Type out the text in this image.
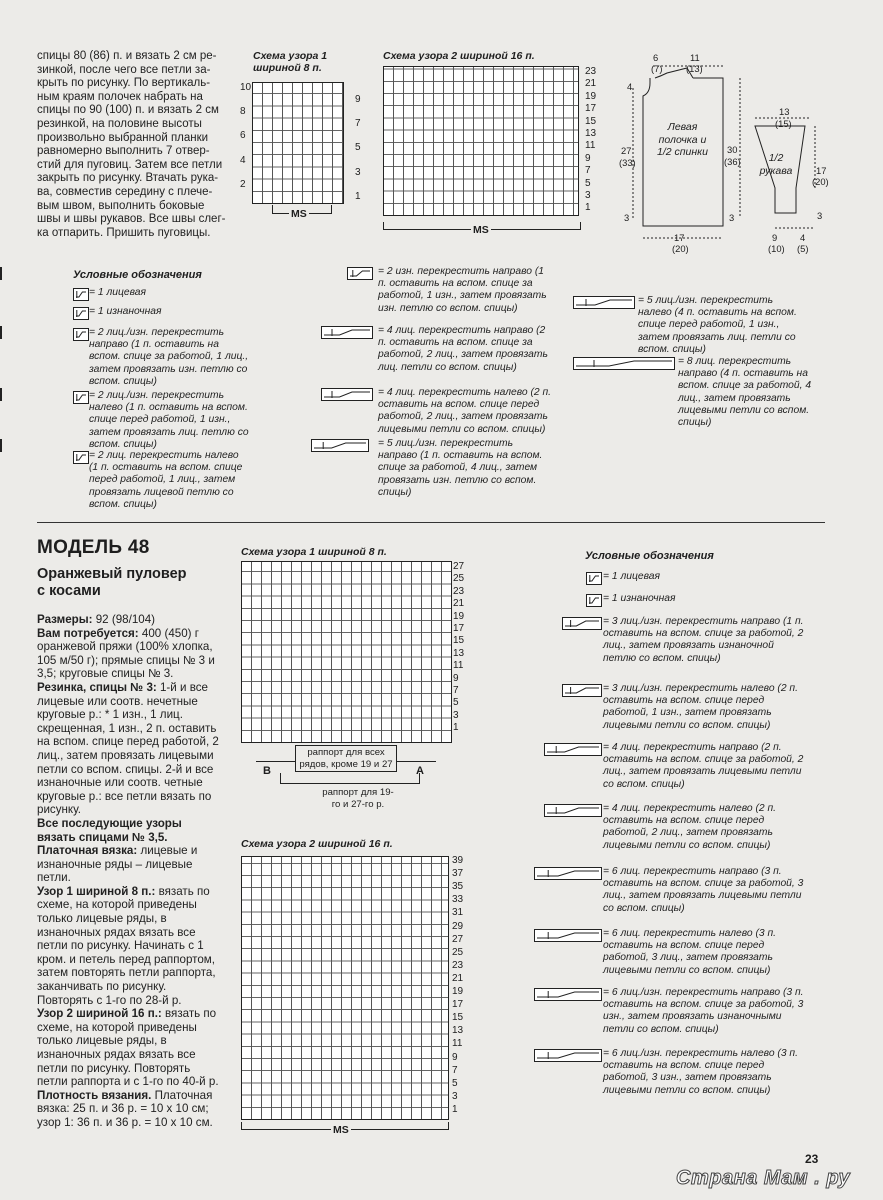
спицы 80 (86) п. и вязать 2 см ре-
зинкой, после чего все петли за-
крыть по рисунку. По вертикаль-
ным краям полочек набрать на
спицы по 90 (100) п. и вязать 2 см
резинкой, на половине высоты
произвольно выбранной планки
равномерно выполнить 7 отвер-
стий для пуговиц. Затем все петли
закрыть по рисунку. Втачать рука-
ва, совместив середину с плече-
вым швом, выполнить боковые
швы и швы рукавов. Все швы слег-
ка отпарить. Пришить пуговицы.
Схема узора 1
шириной 8 п.
MS
Схема узора 2 шириной 16 п.
MS
Левая полочка и 1/2 спинки	1/2 рукава
Условные обозначения
МОДЕЛЬ 48
Оранжевый пуловер
с косами
Размеры: 92 (98/104)
Вам потребуется: 400 (450) г оранжевой пряжи (100% хлопка, 105 м/50 г); прямые спицы № 3 и 3,5; круговые спицы № 3.
Резинка, спицы № 3: 1-й и все лицевые или соотв. нечетные круговые р.: * 1 изн., 1 лиц. скрещенная, 1 изн., 2 п. оставить на вспом. спице перед работой, 2 лиц., затем провязать лицевыми петли со вспом. спицы. 2-й и все изнаночные или соотв. четные круговые р.: все петли вязать по рисунку.
Все последующие узоры вязать спицами № 3,5.
Платочная вязка: лицевые и изнаночные ряды – лицевые петли.
Узор 1 шириной 8 п.: вязать по схеме, на которой приведены только лицевые ряды, в изнаночных рядах вязать все петли по рисунку. Начинать с 1 кром. и петель перед раппортом, затем повторять петли раппорта, заканчивать по рисунку. Повторять с 1-го по 28-й р.
Узор 2 шириной 16 п.: вязать по схеме, на которой приведены только лицевые ряды, в изнаночных рядах вязать все петли по рисунку. Повторять петли раппорта и с 1-го по 40-й р.
Плотность вязания. Платочная вязка: 25 п. и 36 р. = 10 х 10 см; узор 1: 36 п. и 36 р. = 10 х 10 см.
Схема узора 1 шириной 8 п.
раппорт для всех рядов, кроме 19 и 27
B	A
раппорт для 19-го и 27-го р.
Схема узора 2 шириной 16 п.
MS
Условные обозначения
23
Страна Мам . ру
10
8
6
4
2
9
7
5
3
1
23
21
19
17
15
13
11
9
7
5
3
1
27
25
23
21
19
17
15
13
11
9
7
5
3
1
39
37
35
33
31
29
27
25
23
21
19
17
15
13
11
9
7
5
3
1
6
(7)
11
(13)
4
27
(33)
30
(36)
3	3
17
(20)
13
(15)
17
(20)
3
9
(10)
4
(5)
= 1 лицевая
= 1 изнаночная
= 2 лиц./изн. перекрестить направо (1 п. оставить на вспом. спице за работой, 1 лиц., затем провязать изн. петлю со вспом. спицы)
= 2 лиц./изн. перекрестить налево (1 п. оставить на вспом. спице перед работой, 1 изн., затем провязать лиц. петлю со вспом. спицы)
= 2 лиц. перекрестить налево (1 п. оставить на вспом. спице перед работой, 1 лиц., затем провязать лицевой петлю со вспом. спицы)
= 2 изн. перекрестить направо (1 п. оставить на вспом. спице за работой, 1 изн., затем провязать изн. петлю со вспом. спицы)
= 4 лиц. перекрестить направо (2 п. оставить на вспом. спице за работой, 2 лиц., затем провязать лиц. петли со вспом. спицы)
= 4 лиц. перекрестить налево (2 п. оставить на вспом. спице перед работой, 2 лиц., затем провязать лицевыми петли со вспом. спицы)
= 5 лиц./изн. перекрестить направо (1 п. оставить на вспом. спице за работой, 4 лиц., затем провязать изн. петлю со вспом. спицы)
= 5 лиц./изн. перекрестить налево (4 п. оставить на вспом. спице перед работой, 1 изн., затем провязать лиц. петли со вспом. спицы)
= 8 лиц. перекрестить направо (4 п. оставить на вспом. спице за работой, 4 лиц., затем провязать лицевыми петли со вспом. спицы)
= 1 лицевая
= 1 изнаночная
= 3 лиц./изн. перекрестить направо (1 п. оставить на вспом. спице за работой, 2 лиц., затем провязать изнаночной петлю со вспом. спицы)
= 3 лиц./изн. перекрестить налево (2 п. оставить на вспом. спице перед работой, 1 изн., затем провязать лицевыми петли со вспом. спицы)
= 4 лиц. перекрестить направо (2 п. оставить на вспом. спице за работой, 2 лиц., затем провязать лицевыми петли со вспом. спицы)
= 4 лиц. перекрестить налево (2 п. оставить на вспом. спице перед работой, 2 лиц., затем провязать лицевыми петли со вспом. спицы)
= 6 лиц. перекрестить направо (3 п. оставить на вспом. спице за работой, 3 лиц., затем провязать лицевыми петли со вспом. спицы)
= 6 лиц. перекрестить налево (3 п. оставить на вспом. спице перед работой, 3 лиц., затем провязать лицевыми петли со вспом. спицы)
= 6 лиц./изн. перекрестить направо (3 п. оставить на вспом. спице за работой, 3 изн., затем провязать изнаночными петли со вспом. спицы)
= 6 лиц./изн. перекрестить налево (3 п. оставить на вспом. спице перед работой, 3 изн., затем провязать лицевыми петли со вспом. спицы)
